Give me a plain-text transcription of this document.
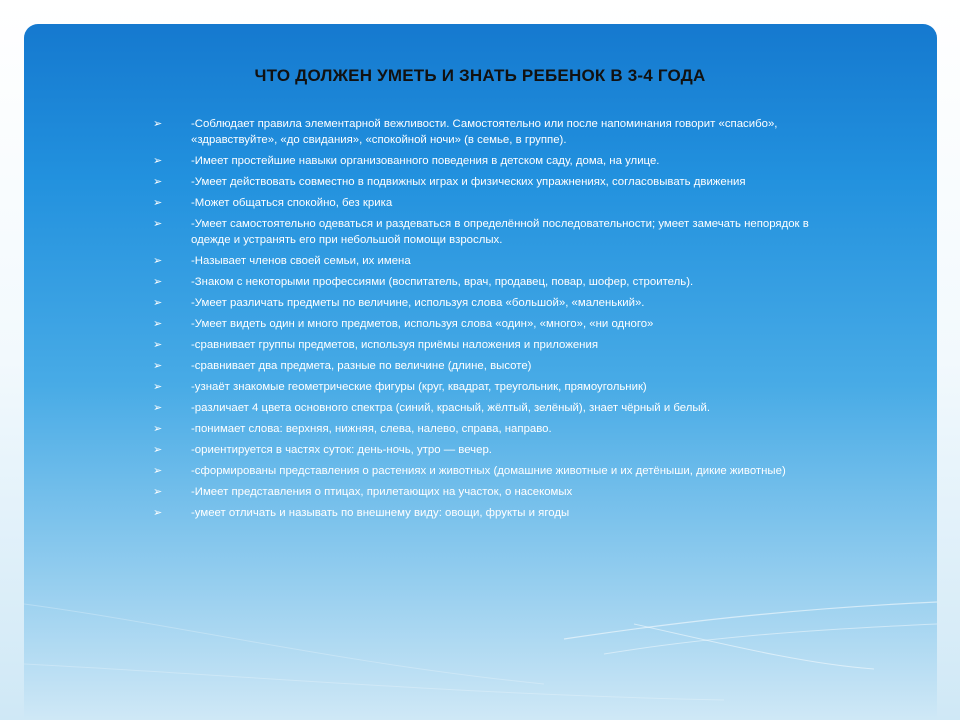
ЧТО ДОЛЖЕН УМЕТЬ И ЗНАТЬ РЕБЕНОК В 3-4 ГОДА
➢	-Соблюдает правила элементарной вежливости. Самостоятельно или после напоминания говорит «спасибо», «здравствуйте», «до свидания», «спокойной ночи» (в семье, в группе).
➢	-Имеет простейшие навыки организованного поведения в детском саду, дома, на улице.
➢	-Умеет действовать совместно в подвижных играх и физических упражнениях, согласовывать движения
➢	-Может общаться спокойно, без крика
➢	-Умеет самостоятельно одеваться и раздеваться в определённой последовательности; умеет замечать непорядок в одежде и устранять его при небольшой помощи взрослых.
➢	-Называет членов своей семьи, их имена
➢	-Знаком с некоторыми профессиями (воспитатель, врач, продавец, повар, шофер, строитель).
➢	-Умеет различать предметы по величине, используя слова «большой», «маленький».
➢	-Умеет видеть один и много предметов, используя слова «один», «много», «ни одного»
➢	-сравнивает группы предметов, используя приёмы наложения и приложения
➢	-сравнивает два предмета, разные по величине (длине, высоте)
➢	-узнаёт знакомые геометрические фигуры (круг, квадрат, треугольник, прямоугольник)
➢	-различает 4 цвета основного спектра (синий, красный, жёлтый, зелёный), знает чёрный и белый.
➢	-понимает слова: верхняя, нижняя, слева, налево, справа, направо.
➢	-ориентируется в частях суток: день-ночь, утро — вечер.
➢	-сформированы представления о растениях и животных (домашние животные и их детёныши, дикие животные)
➢	-Имеет представления о птицах, прилетающих на участок, о насекомых
➢	-умеет отличать и называть по внешнему виду: овощи, фрукты и ягоды
